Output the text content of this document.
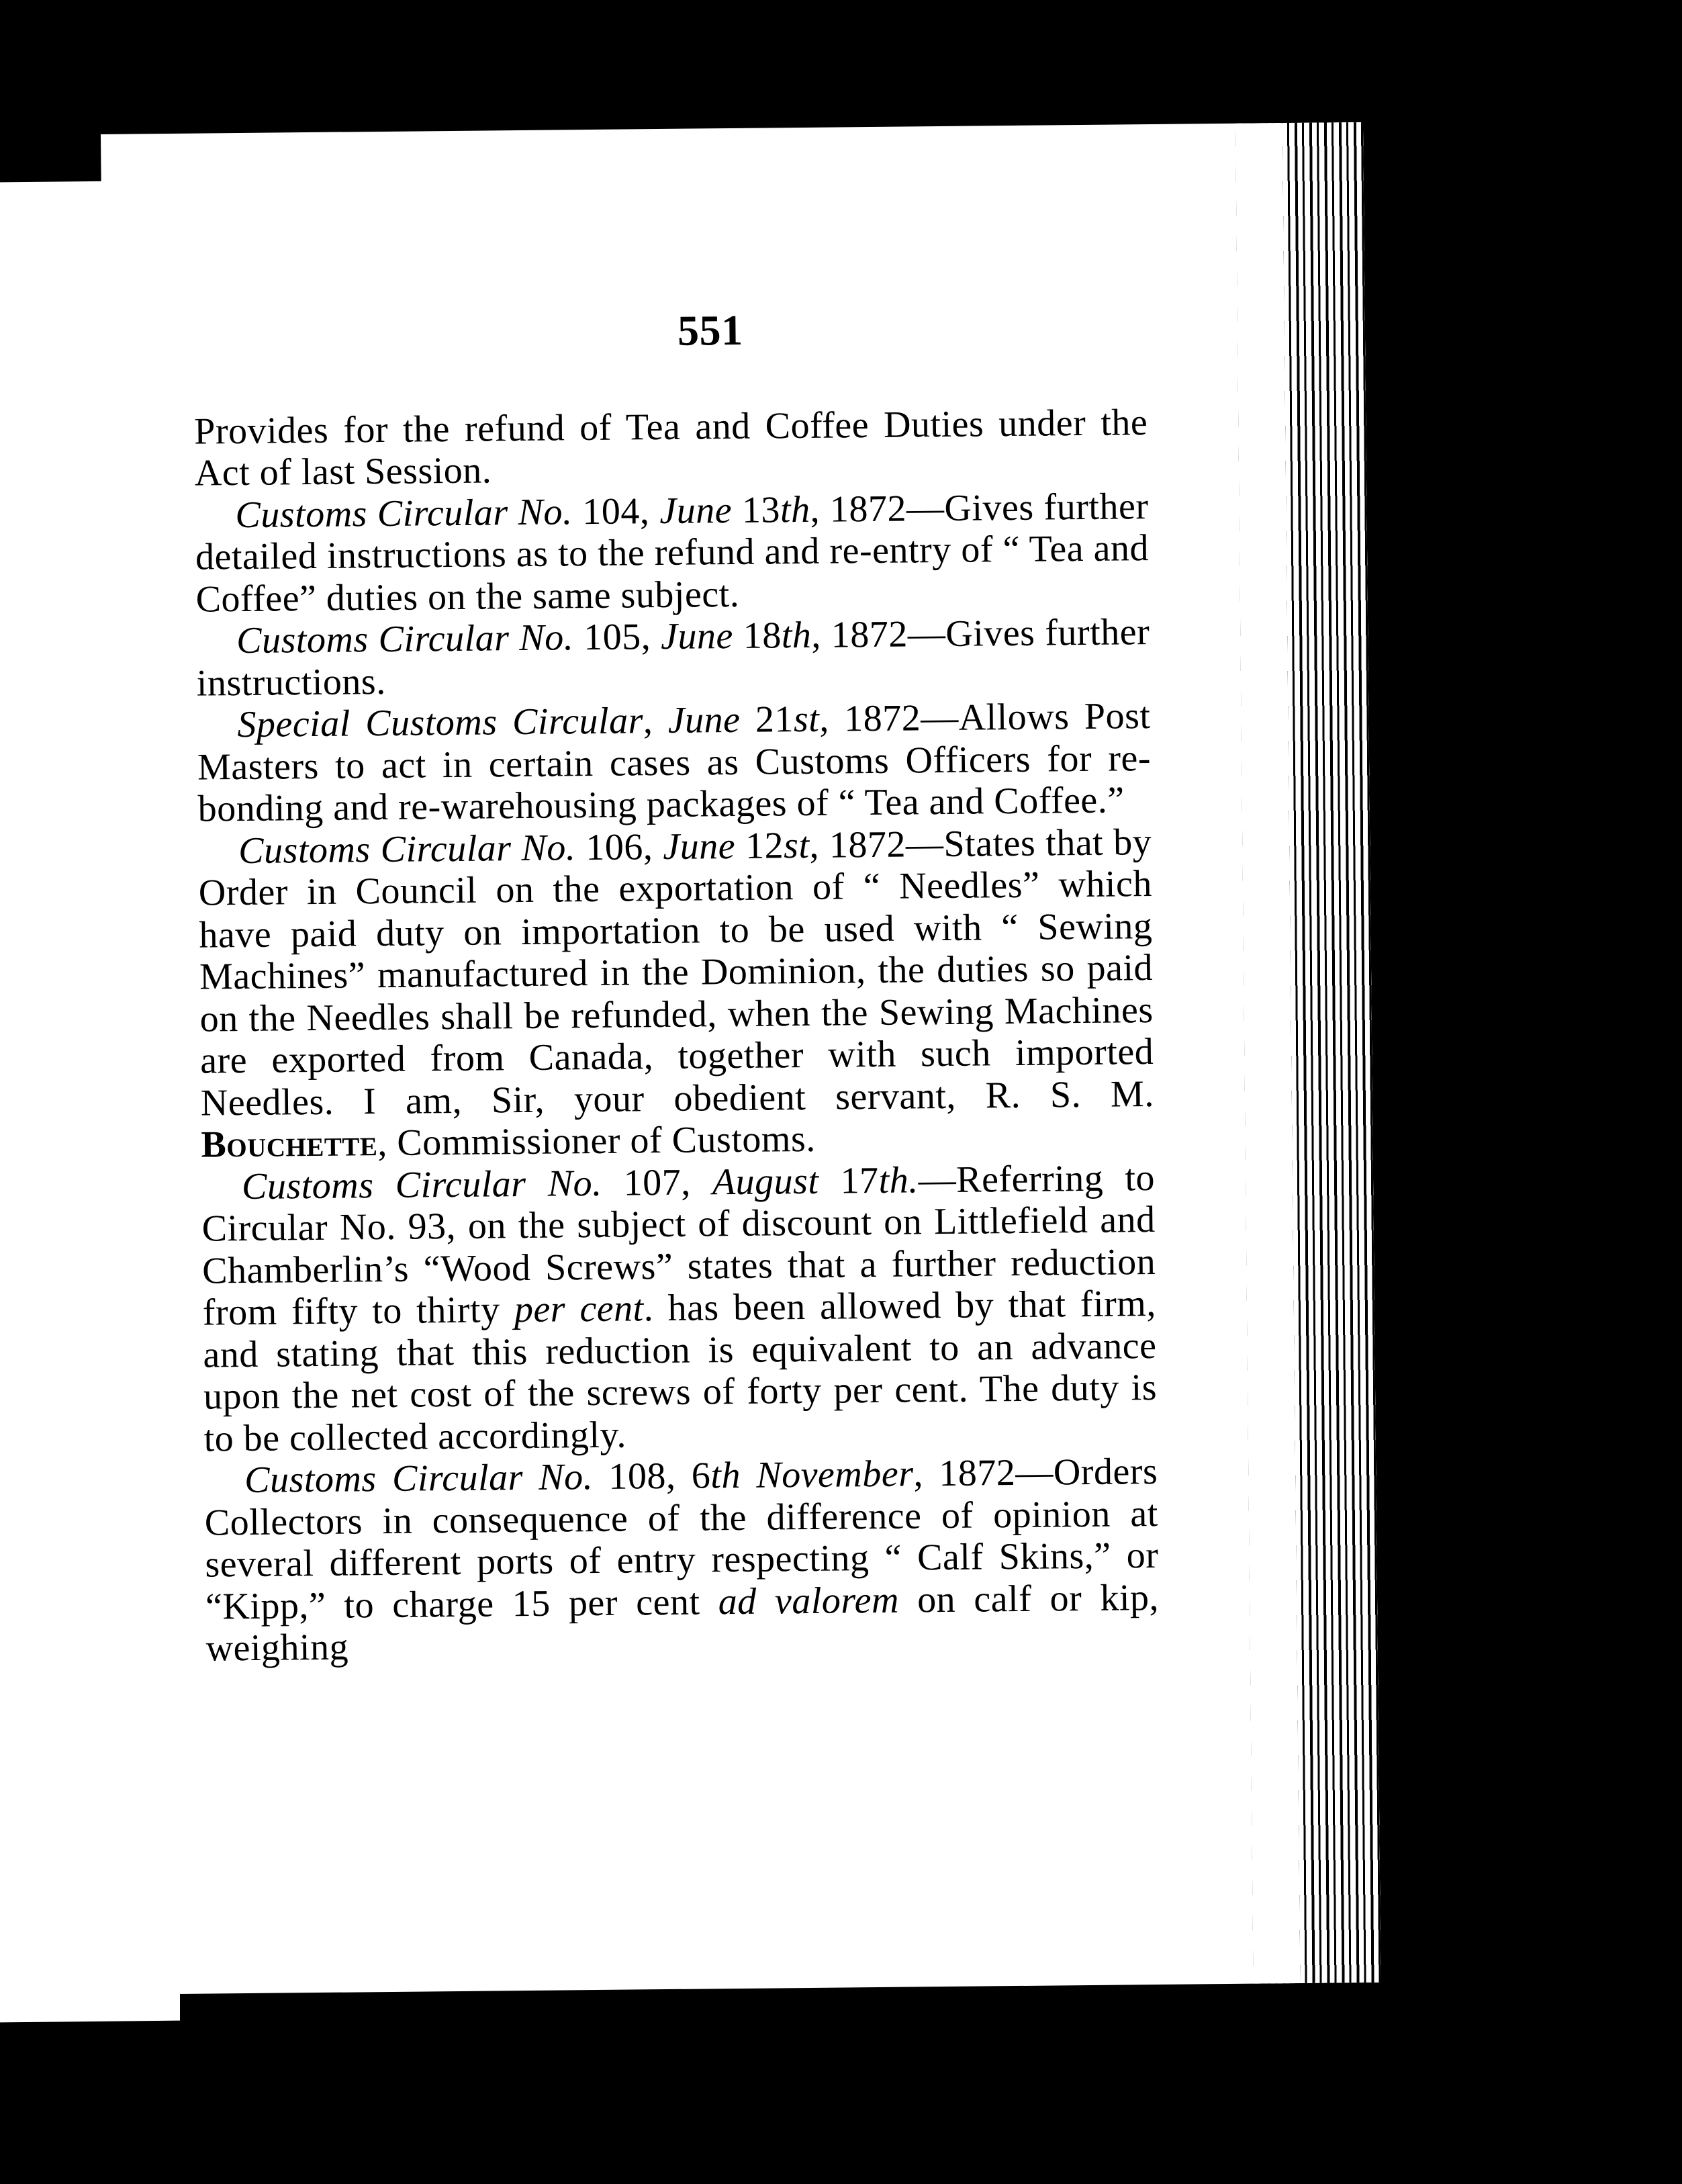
551

Provides for the refund of Tea and Coffee Duties under the Act of last Session.

Customs Circular No. 104, June 13th, 1872—Gives further detailed instructions as to the refund and re-entry of “ Tea and Coffee” duties on the same subject.

Customs Circular No. 105, June 18th, 1872—Gives further instructions.

Special Customs Circular, June 21st, 1872—Allows Post Masters to act in certain cases as Customs Officers for re-bonding and re-warehousing packages of “ Tea and Coffee.”

Customs Circular No. 106, June 12st, 1872—States that by Order in Council on the exportation of “ Needles” which have paid duty on importation to be used with “ Sewing Machines” manufactured in the Dominion, the duties so paid on the Needles shall be refunded, when the Sewing Machines are exported from Canada, together with such imported Needles. I am, Sir, your obedient servant, R. S. M. Bouchette, Commissioner of Customs.

Customs Circular No. 107, August 17th.—Referring to Circular No. 93, on the subject of discount on Littlefield and Chamberlin’s “Wood Screws” states that a further reduction from fifty to thirty per cent. has been allowed by that firm, and stating that this reduction is equivalent to an advance upon the net cost of the screws of forty per cent. The duty is to be collected accordingly.

Customs Circular No. 108, 6th November, 1872—Orders Collectors in consequence of the difference of opinion at several different ports of entry respecting “ Calf Skins,” or “Kipp,” to charge 15 per cent ad valorem on calf or kip, weighing
